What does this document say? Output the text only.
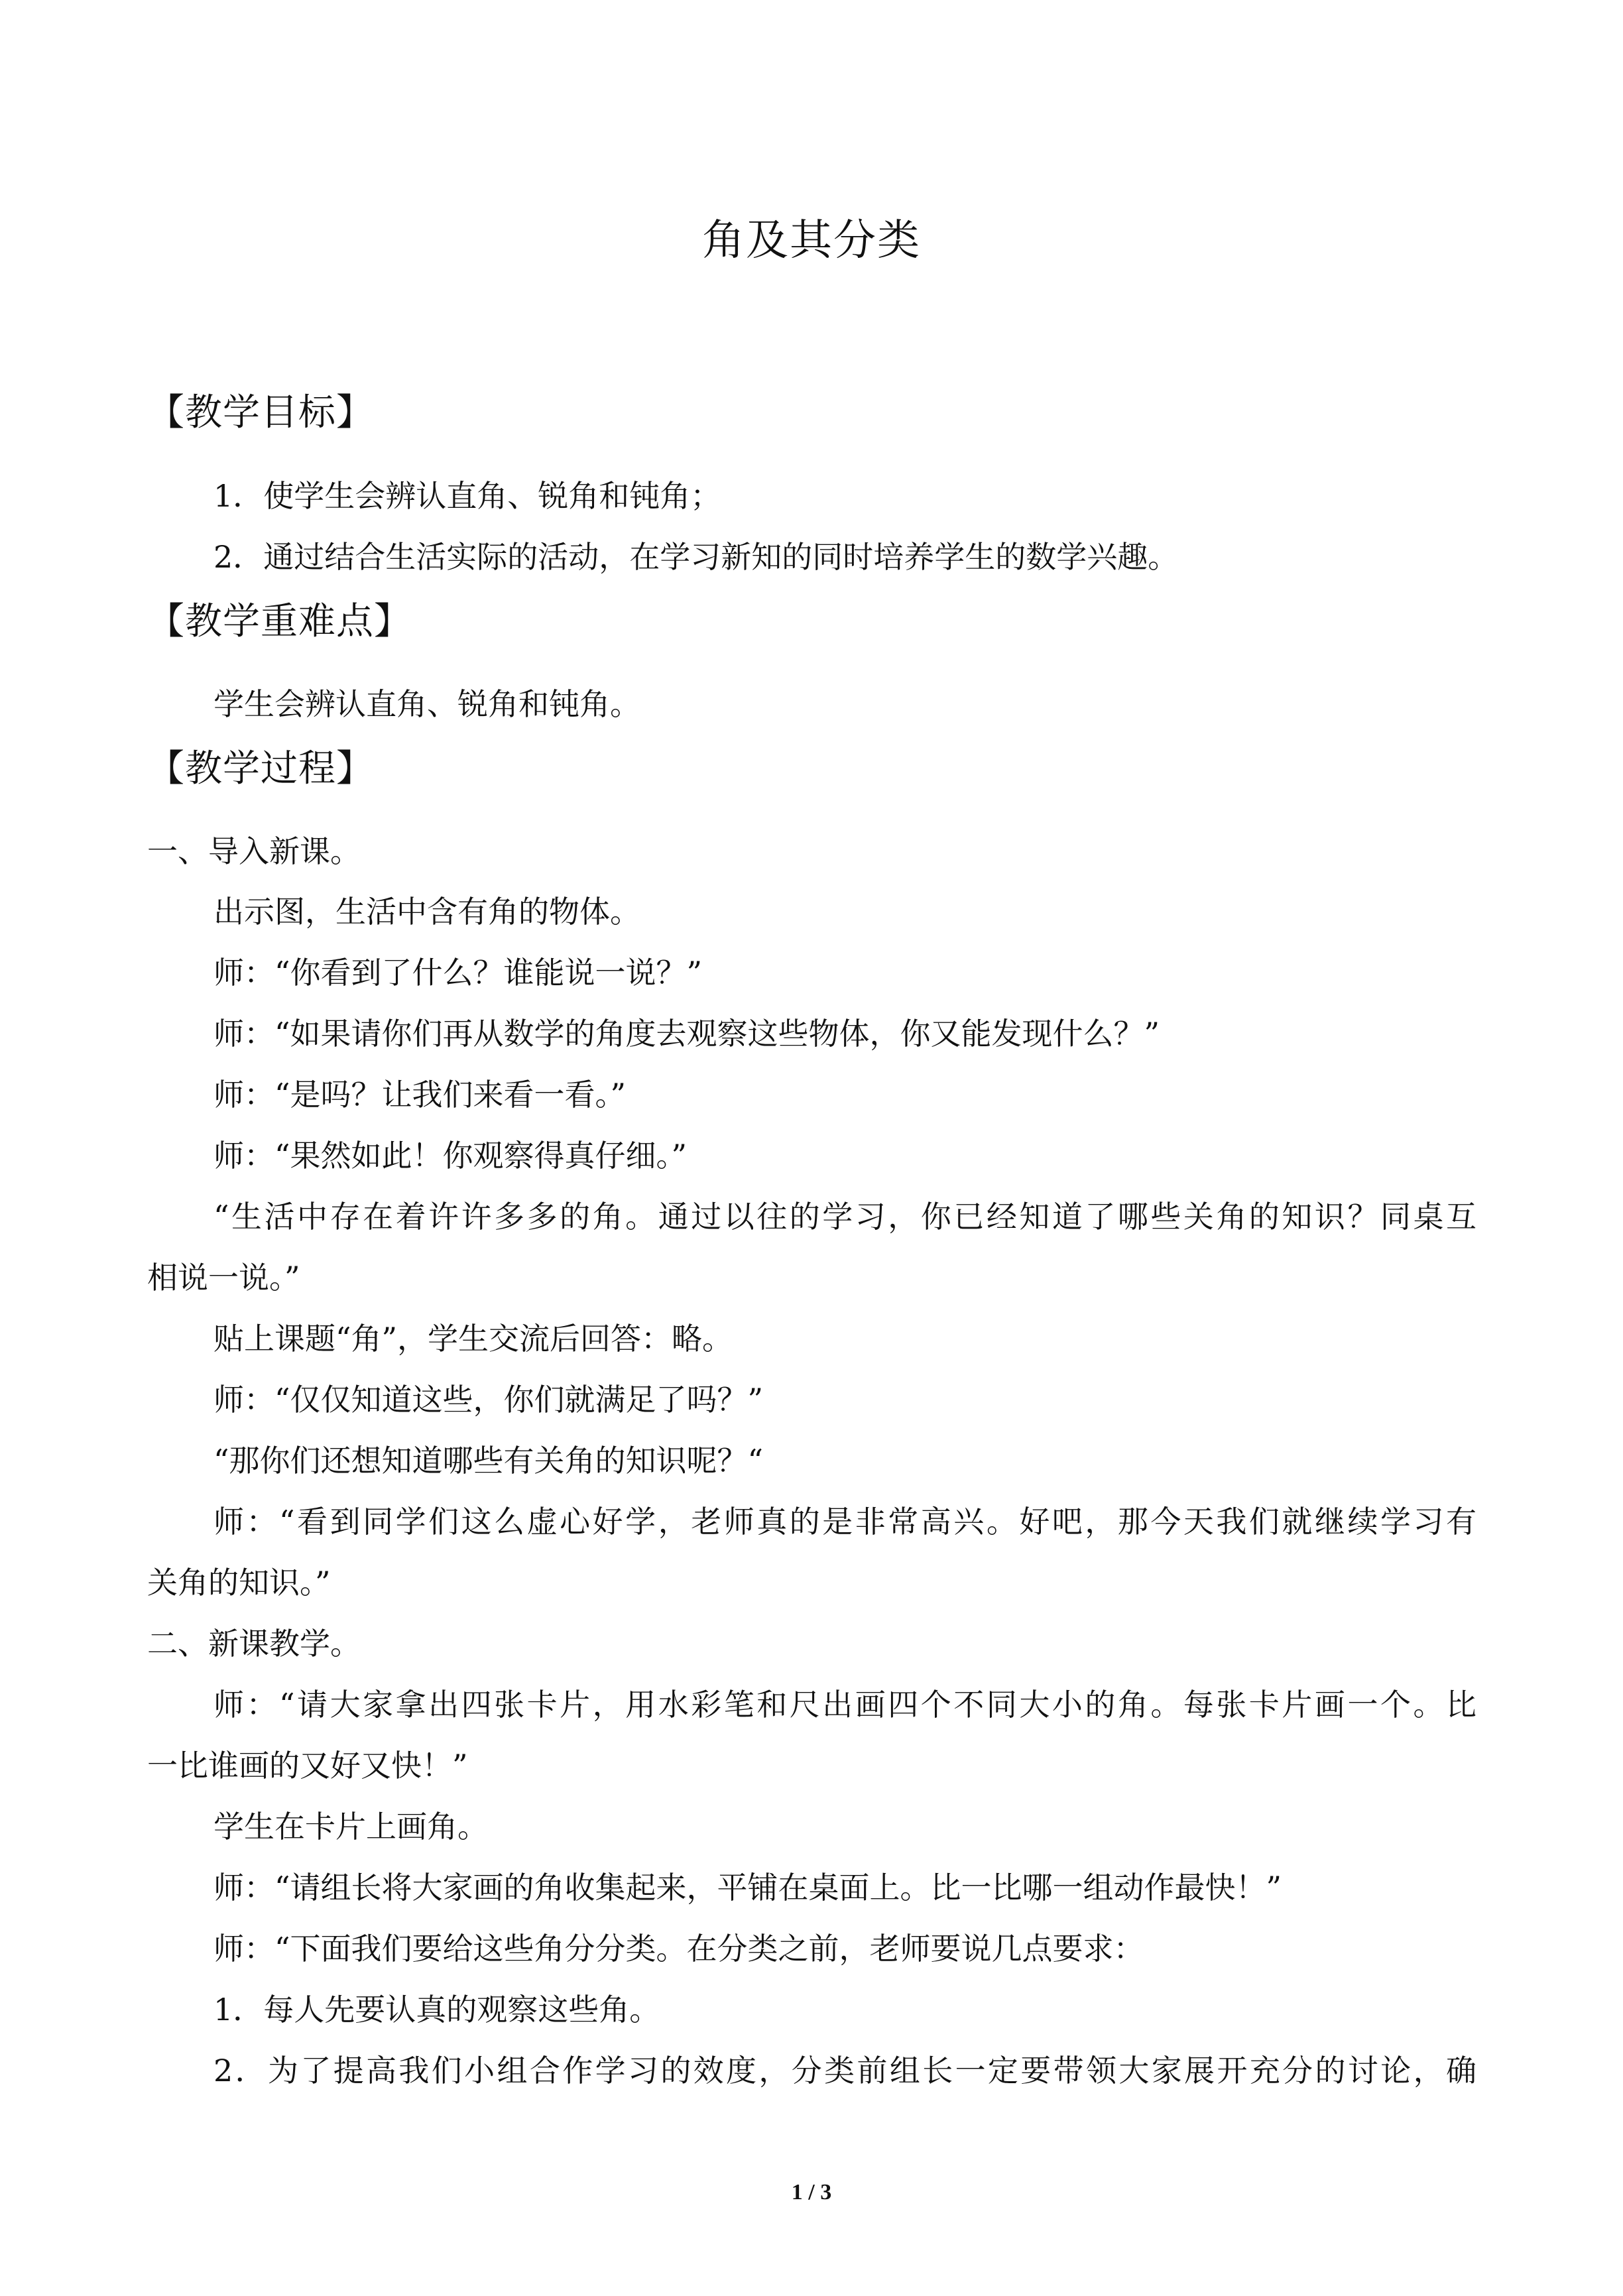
角及其分类
【教学目标】
1．使学生会辨认直角、锐角和钝角；
2．通过结合生活实际的活动，在学习新知的同时培养学生的数学兴趣。
【教学重难点】
学生会辨认直角、锐角和钝角。
【教学过程】
一、导入新课。
出示图，生活中含有角的物体。
师：“你看到了什么？谁能说一说？”
师：“如果请你们再从数学的角度去观察这些物体，你又能发现什么？”
师：“是吗？让我们来看一看。”
师：“果然如此！你观察得真仔细。”
“生活中存在着许许多多的角。通过以往的学习，你已经知道了哪些关角的知识？同桌互
相说一说。”
贴上课题“角”，学生交流后回答：略。
师：“仅仅知道这些，你们就满足了吗？”
“那你们还想知道哪些有关角的知识呢？“
师：“看到同学们这么虚心好学，老师真的是非常高兴。好吧，那今天我们就继续学习有
关角的知识。”
二、新课教学。
师：“请大家拿出四张卡片，用水彩笔和尺出画四个不同大小的角。每张卡片画一个。比
一比谁画的又好又快！”
学生在卡片上画角。
师：“请组长将大家画的角收集起来，平铺在桌面上。比一比哪一组动作最快！”
师：“下面我们要给这些角分分类。在分类之前，老师要说几点要求：
1．每人先要认真的观察这些角。
2．为了提高我们小组合作学习的效度，分类前组长一定要带领大家展开充分的讨论，确
1 / 3
